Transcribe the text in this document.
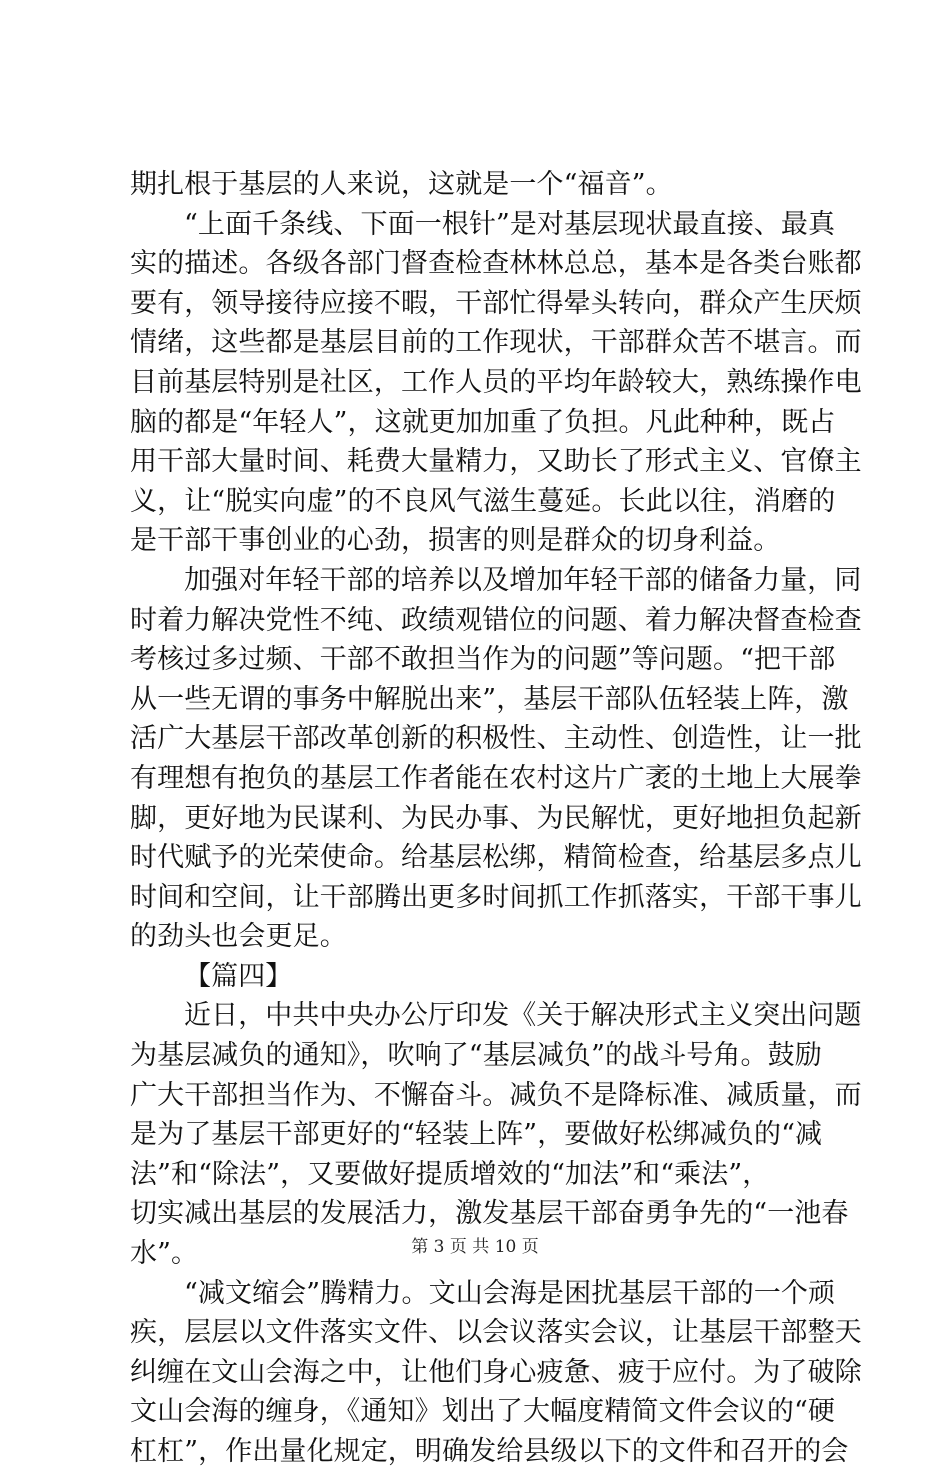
期扎根于基层的人来说，这就是一个“福音”。
“上面千条线、下面一根针”是对基层现状最直接、最真
实的描述。各级各部门督查检查林林总总，基本是各类台账都
要有，领导接待应接不暇，干部忙得晕头转向，群众产生厌烦
情绪，这些都是基层目前的工作现状，干部群众苦不堪言。而
目前基层特别是社区，工作人员的平均年龄较大，熟练操作电
脑的都是“年轻人”，这就更加加重了负担。凡此种种，既占
用干部大量时间、耗费大量精力，又助长了形式主义、官僚主
义，让“脱实向虚”的不良风气滋生蔓延。长此以往，消磨的
是干部干事创业的心劲，损害的则是群众的切身利益。
加强对年轻干部的培养以及增加年轻干部的储备力量，同
时着力解决党性不纯、政绩观错位的问题、着力解决督查检查
考核过多过频、干部不敢担当作为的问题”等问题。“把干部
从一些无谓的事务中解脱出来”，基层干部队伍轻装上阵，激
活广大基层干部改革创新的积极性、主动性、创造性，让一批
有理想有抱负的基层工作者能在农村这片广袤的土地上大展拳
脚，更好地为民谋利、为民办事、为民解忧，更好地担负起新
时代赋予的光荣使命。给基层松绑，精简检查，给基层多点儿
时间和空间，让干部腾出更多时间抓工作抓落实，干部干事儿
的劲头也会更足。
【篇四】
近日，中共中央办公厅印发《关于解决形式主义突出问题
为基层减负的通知》，吹响了“基层减负”的战斗号角。鼓励
广大干部担当作为、不懈奋斗。减负不是降标准、减质量，而
是为了基层干部更好的“轻装上阵”，要做好松绑减负的“减
法”和“除法”，又要做好提质增效的“加法”和“乘法”，
切实减出基层的发展活力，激发基层干部奋勇争先的“一池春
水”。
“减文缩会”腾精力。文山会海是困扰基层干部的一个顽
疾，层层以文件落实文件、以会议落实会议，让基层干部整天
纠缠在文山会海之中，让他们身心疲惫、疲于应付。为了破除
文山会海的缠身，《通知》划出了大幅度精简文件会议的“硬
杠杠”，作出量化规定，明确发给县级以下的文件和召开的会
第 3 页 共 10 页
